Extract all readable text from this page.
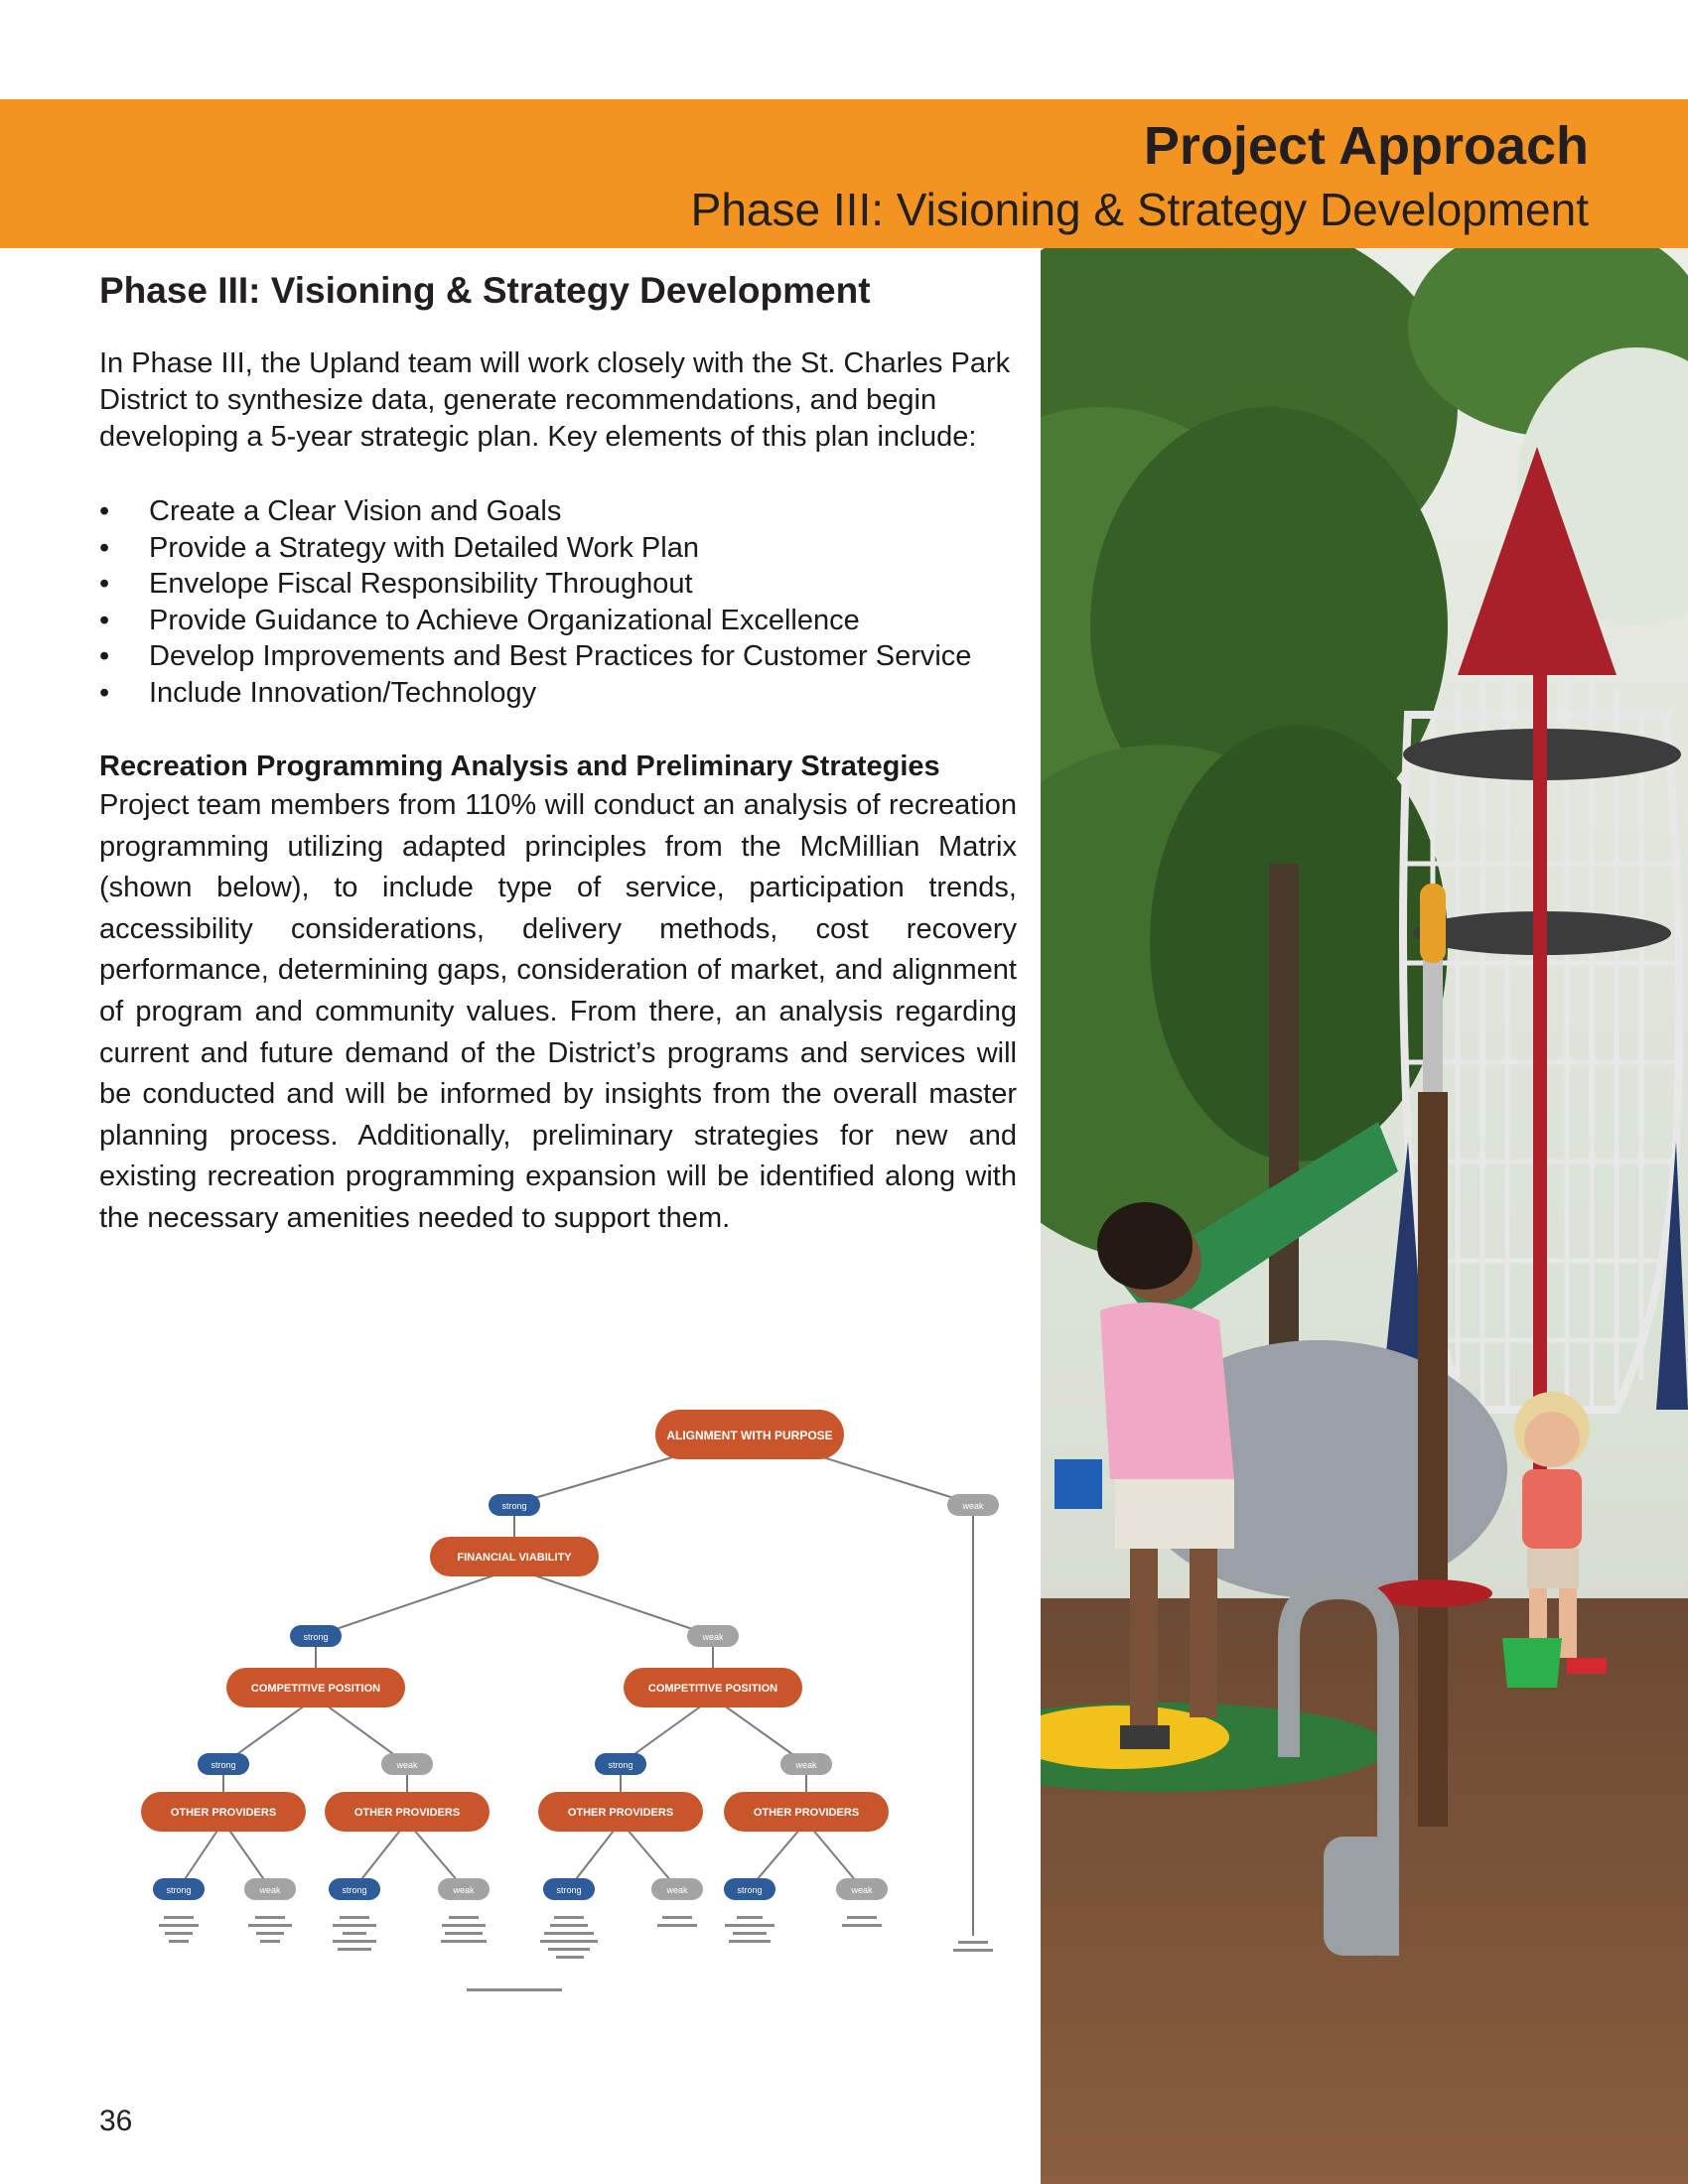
Project Approach
Phase III: Visioning & Strategy Development
Phase III: Visioning & Strategy Development

In Phase III, the Upland team will work closely with the St. Charles Park District to synthesize data, generate recommendations, and begin developing a 5-year strategic plan. Key elements of this plan include:

• Create a Clear Vision and Goals
• Provide a Strategy with Detailed Work Plan
• Envelope Fiscal Responsibility Throughout
• Provide Guidance to Achieve Organizational Excellence
• Develop Improvements and Best Practices for Customer Service
• Include Innovation/Technology
Recreation Programming Analysis and Preliminary Strategies

Project team members from 110% will conduct an analysis of recreation programming utilizing adapted principles from the McMillian Matrix (shown below), to include type of service, participation trends, accessibility considerations, delivery methods, cost recovery performance, determining gaps, consideration of market, and alignment of program and community values. From there, an analysis regarding current and future demand of the District’s programs and services will be conducted and will be informed by insights from the overall master planning process. Additionally, preliminary strategies for new and existing recreation programming expansion will be identified along with the necessary amenities needed to support them.

ALIGNMENT WITH PURPOSE
strong	weak
FINANCIAL VIABILITY
strong	weak
COMPETITIVE POSITION	COMPETITIVE POSITION
strong	weak	strong	weak
OTHER PROVIDERS	OTHER PROVIDERS	OTHER PROVIDERS	OTHER PROVIDERS
strong	weak	strong	weak	strong	weak	strong	weak
36
